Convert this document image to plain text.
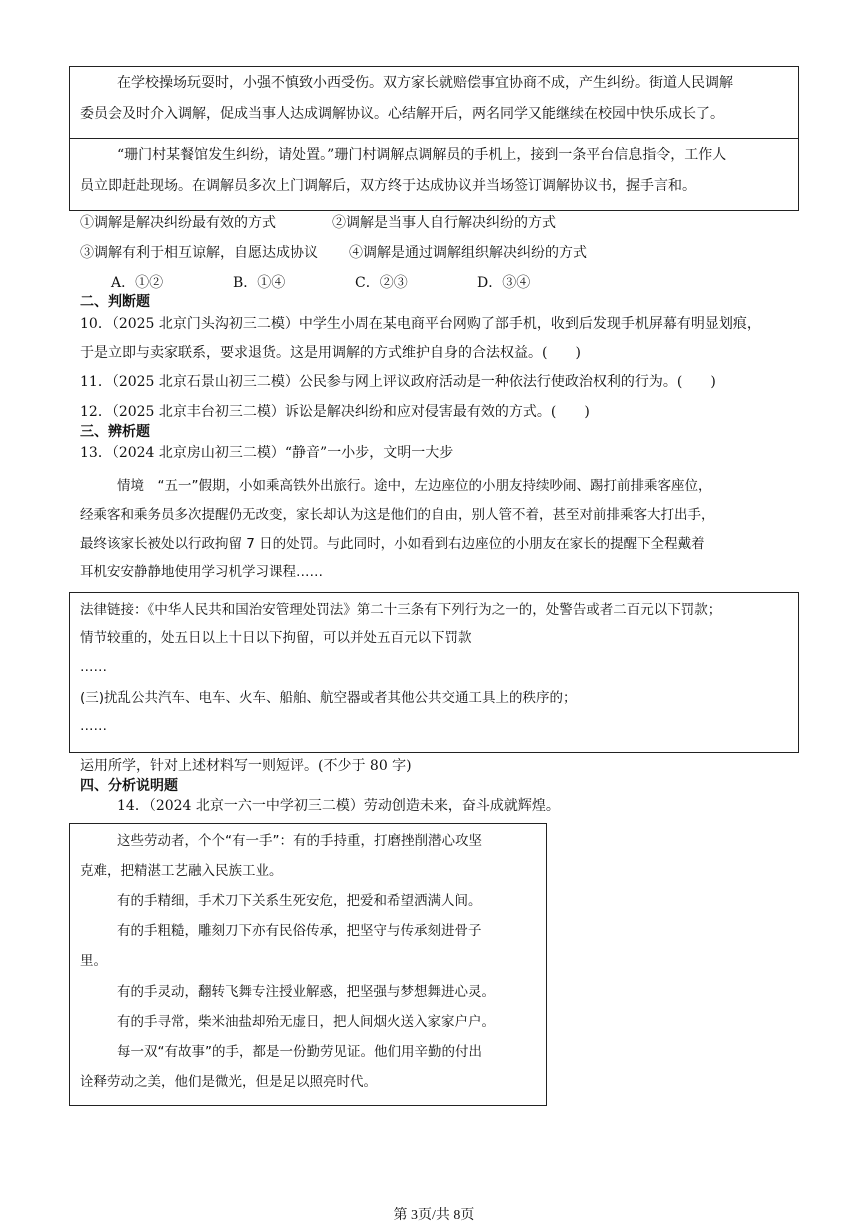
在学校操场玩耍时，小强不慎致小西受伤。双方家长就赔偿事宜协商不成，产生纠纷。街道人民调解
委员会及时介入调解，促成当事人达成调解协议。心结解开后，两名同学又能继续在校园中快乐成长了。
“珊门村某餐馆发生纠纷，请处置。”珊门村调解点调解员的手机上，接到一条平台信息指令，工作人
员立即赶赴现场。在调解员多次上门调解后，双方终于达成协议并当场签订调解协议书，握手言和。
①调解是解决纠纷最有效的方式	②调解是当事人自行解决纠纷的方式
③调解有利于相互谅解，自愿达成协议 ④调解是通过调解组织解决纠纷的方式
A．①②	B．①④	C．②③	D．③④
二、判断题
10．（2025 北京门头沟初三二模）中学生小周在某电商平台网购了部手机，收到后发现手机屏幕有明显划痕，
于是立即与卖家联系，要求退货。这是用调解的方式维护自身的合法权益。(　　)
11．（2025 北京石景山初三二模）公民参与网上评议政府活动是一种依法行使政治权利的行为。(　　)
12．（2025 北京丰台初三二模）诉讼是解决纠纷和应对侵害最有效的方式。(　　)
三、辨析题
13．（2024 北京房山初三二模）“静音”一小步，文明一大步
情境　“五一”假期，小如乘高铁外出旅行。途中，左边座位的小朋友持续吵闹、踢打前排乘客座位，
经乘客和乘务员多次提醒仍无改变，家长却认为这是他们的自由，别人管不着，甚至对前排乘客大打出手，
最终该家长被处以行政拘留 7 日的处罚。与此同时，小如看到右边座位的小朋友在家长的提醒下全程戴着
耳机安安静静地使用学习机学习课程……
法律链接：《中华人民共和国治安管理处罚法》第二十三条有下列行为之一的，处警告或者二百元以下罚款；
情节较重的，处五日以上十日以下拘留，可以并处五百元以下罚款
……
(三)扰乱公共汽车、电车、火车、船舶、航空器或者其他公共交通工具上的秩序的；
……
运用所学，针对上述材料写一则短评。(不少于 80 字)
四、分析说明题
14．（2024 北京一六一中学初三二模）劳动创造未来，奋斗成就辉煌。
这些劳动者，个个“有一手”：有的手持重，打磨挫削潜心攻坚
克难，把精湛工艺融入民族工业。
有的手精细，手术刀下关系生死安危，把爱和希望洒满人间。
有的手粗糙，雕刻刀下亦有民俗传承，把坚守与传承刻进骨子
里。
有的手灵动，翻转飞舞专注授业解惑，把坚强与梦想舞进心灵。
有的手寻常，柴米油盐却殆无虚日，把人间烟火送入家家户户。
每一双“有故事”的手，都是一份勤劳见证。他们用辛勤的付出
诠释劳动之美，他们是微光，但是足以照亮时代。
第 3页/共 8页
